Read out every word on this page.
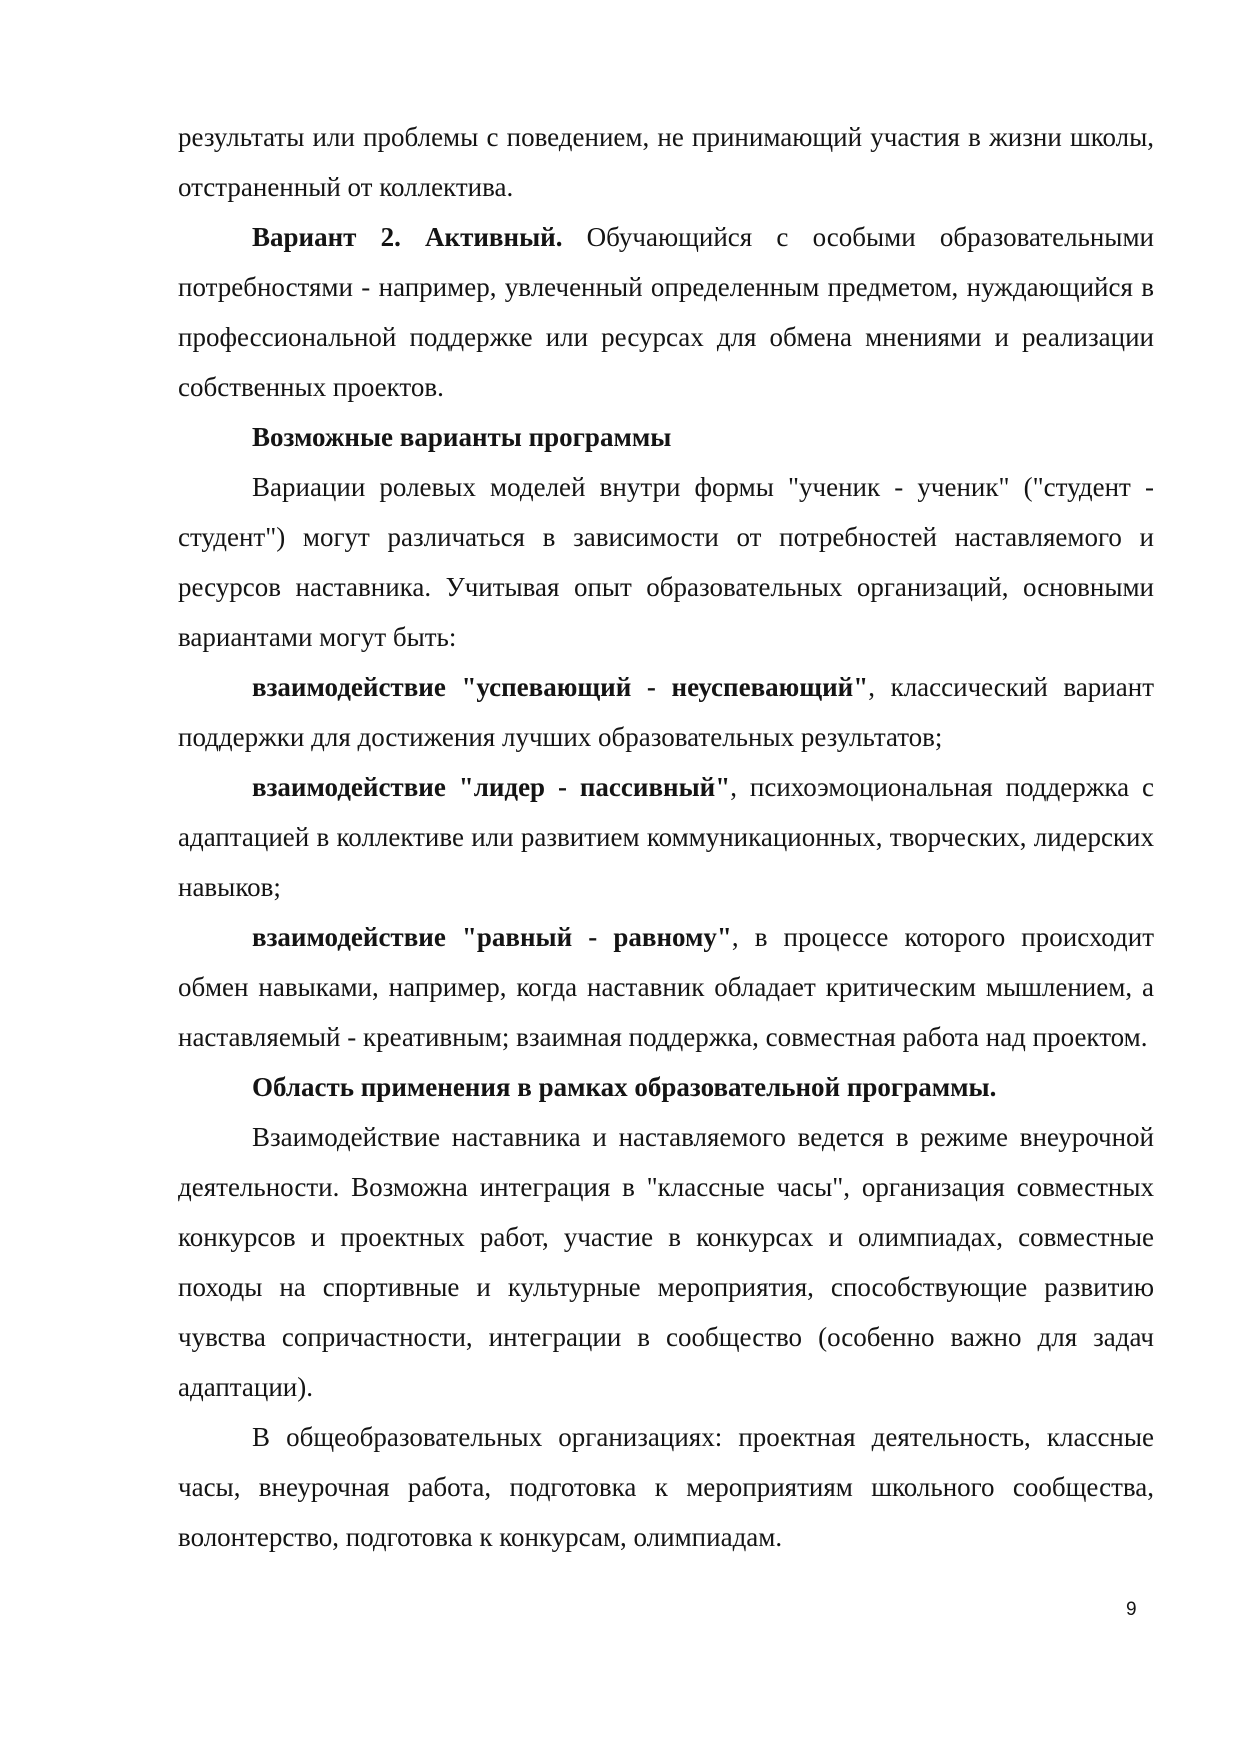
результаты или проблемы с поведением, не принимающий участия в жизни школы, отстраненный от коллектива.

Вариант 2. Активный. Обучающийся с особыми образовательными потребностями - например, увлеченный определенным предметом, нуждающийся в профессиональной поддержке или ресурсах для обмена мнениями и реализации собственных проектов.

Возможные варианты программы

Вариации ролевых моделей внутри формы "ученик - ученик" ("студент - студент") могут различаться в зависимости от потребностей наставляемого и ресурсов наставника. Учитывая опыт образовательных организаций, основными вариантами могут быть:

взаимодействие "успевающий - неуспевающий", классический вариант поддержки для достижения лучших образовательных результатов;

взаимодействие "лидер - пассивный", психоэмоциональная поддержка с адаптацией в коллективе или развитием коммуникационных, творческих, лидерских навыков;

взаимодействие "равный - равному", в процессе которого происходит обмен навыками, например, когда наставник обладает критическим мышлением, а наставляемый - креативным; взаимная поддержка, совместная работа над проектом.

Область применения в рамках образовательной программы.

Взаимодействие наставника и наставляемого ведется в режиме внеурочной деятельности. Возможна интеграция в "классные часы", организация совместных конкурсов и проектных работ, участие в конкурсах и олимпиадах, совместные походы на спортивные и культурные мероприятия, способствующие развитию чувства сопричастности, интеграции в сообщество (особенно важно для задач адаптации).

В общеобразовательных организациях: проектная деятельность, классные часы, внеурочная работа, подготовка к мероприятиям школьного сообщества, волонтерство, подготовка к конкурсам, олимпиадам.

9
